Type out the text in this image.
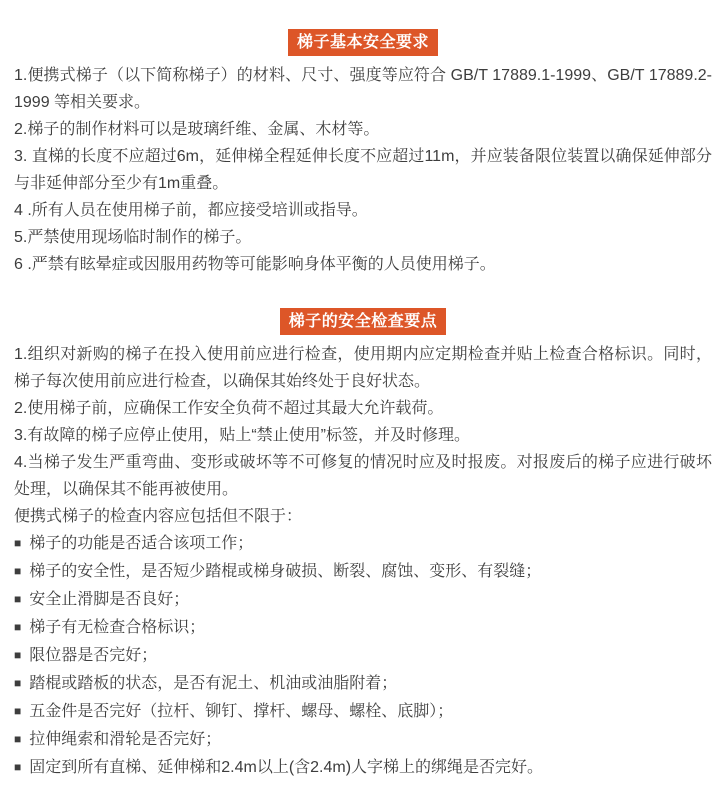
梯子基本安全要求

1.便携式梯子（以下简称梯子）的材料、尺寸、强度等应符合 GB/T 17889.1-1999、GB/T 17889.2-1999 等相关要求。

2.梯子的制作材料可以是玻璃纤维、金属、木材等。

3. 直梯的长度不应超过6m，延伸梯全程延伸长度不应超过11m，并应装备限位装置以确保延伸部分与非延伸部分至少有1m重叠。

4 .所有人员在使用梯子前，都应接受培训或指导。

5.严禁使用现场临时制作的梯子。

6 .严禁有眩晕症或因服用药物等可能影响身体平衡的人员使用梯子。

梯子的安全检查要点

1.组织对新购的梯子在投入使用前应进行检查，使用期内应定期检查并贴上检查合格标识。同时，梯子每次使用前应进行检查，以确保其始终处于良好状态。

2.使用梯子前，应确保工作安全负荷不超过其最大允许载荷。

3.有故障的梯子应停止使用，贴上“禁止使用”标签，并及时修理。

4.当梯子发生严重弯曲、变形或破坏等不可修复的情况时应及时报废。对报废后的梯子应进行破坏处理，以确保其不能再被使用。

便携式梯子的检查内容应包括但不限于：

■ 梯子的功能是否适合该项工作；

■ 梯子的安全性，是否短少踏棍或梯身破损、断裂、腐蚀、变形、有裂缝；

■ 安全止滑脚是否良好；

■ 梯子有无检查合格标识；

■ 限位器是否完好；

■ 踏棍或踏板的状态，是否有泥土、机油或油脂附着；

■ 五金件是否完好（拉杆、铆钉、撑杆、螺母、螺栓、底脚）；

■ 拉伸绳索和滑轮是否完好；

■ 固定到所有直梯、延伸梯和2.4m以上(含2.4m)人字梯上的绑绳是否完好。
